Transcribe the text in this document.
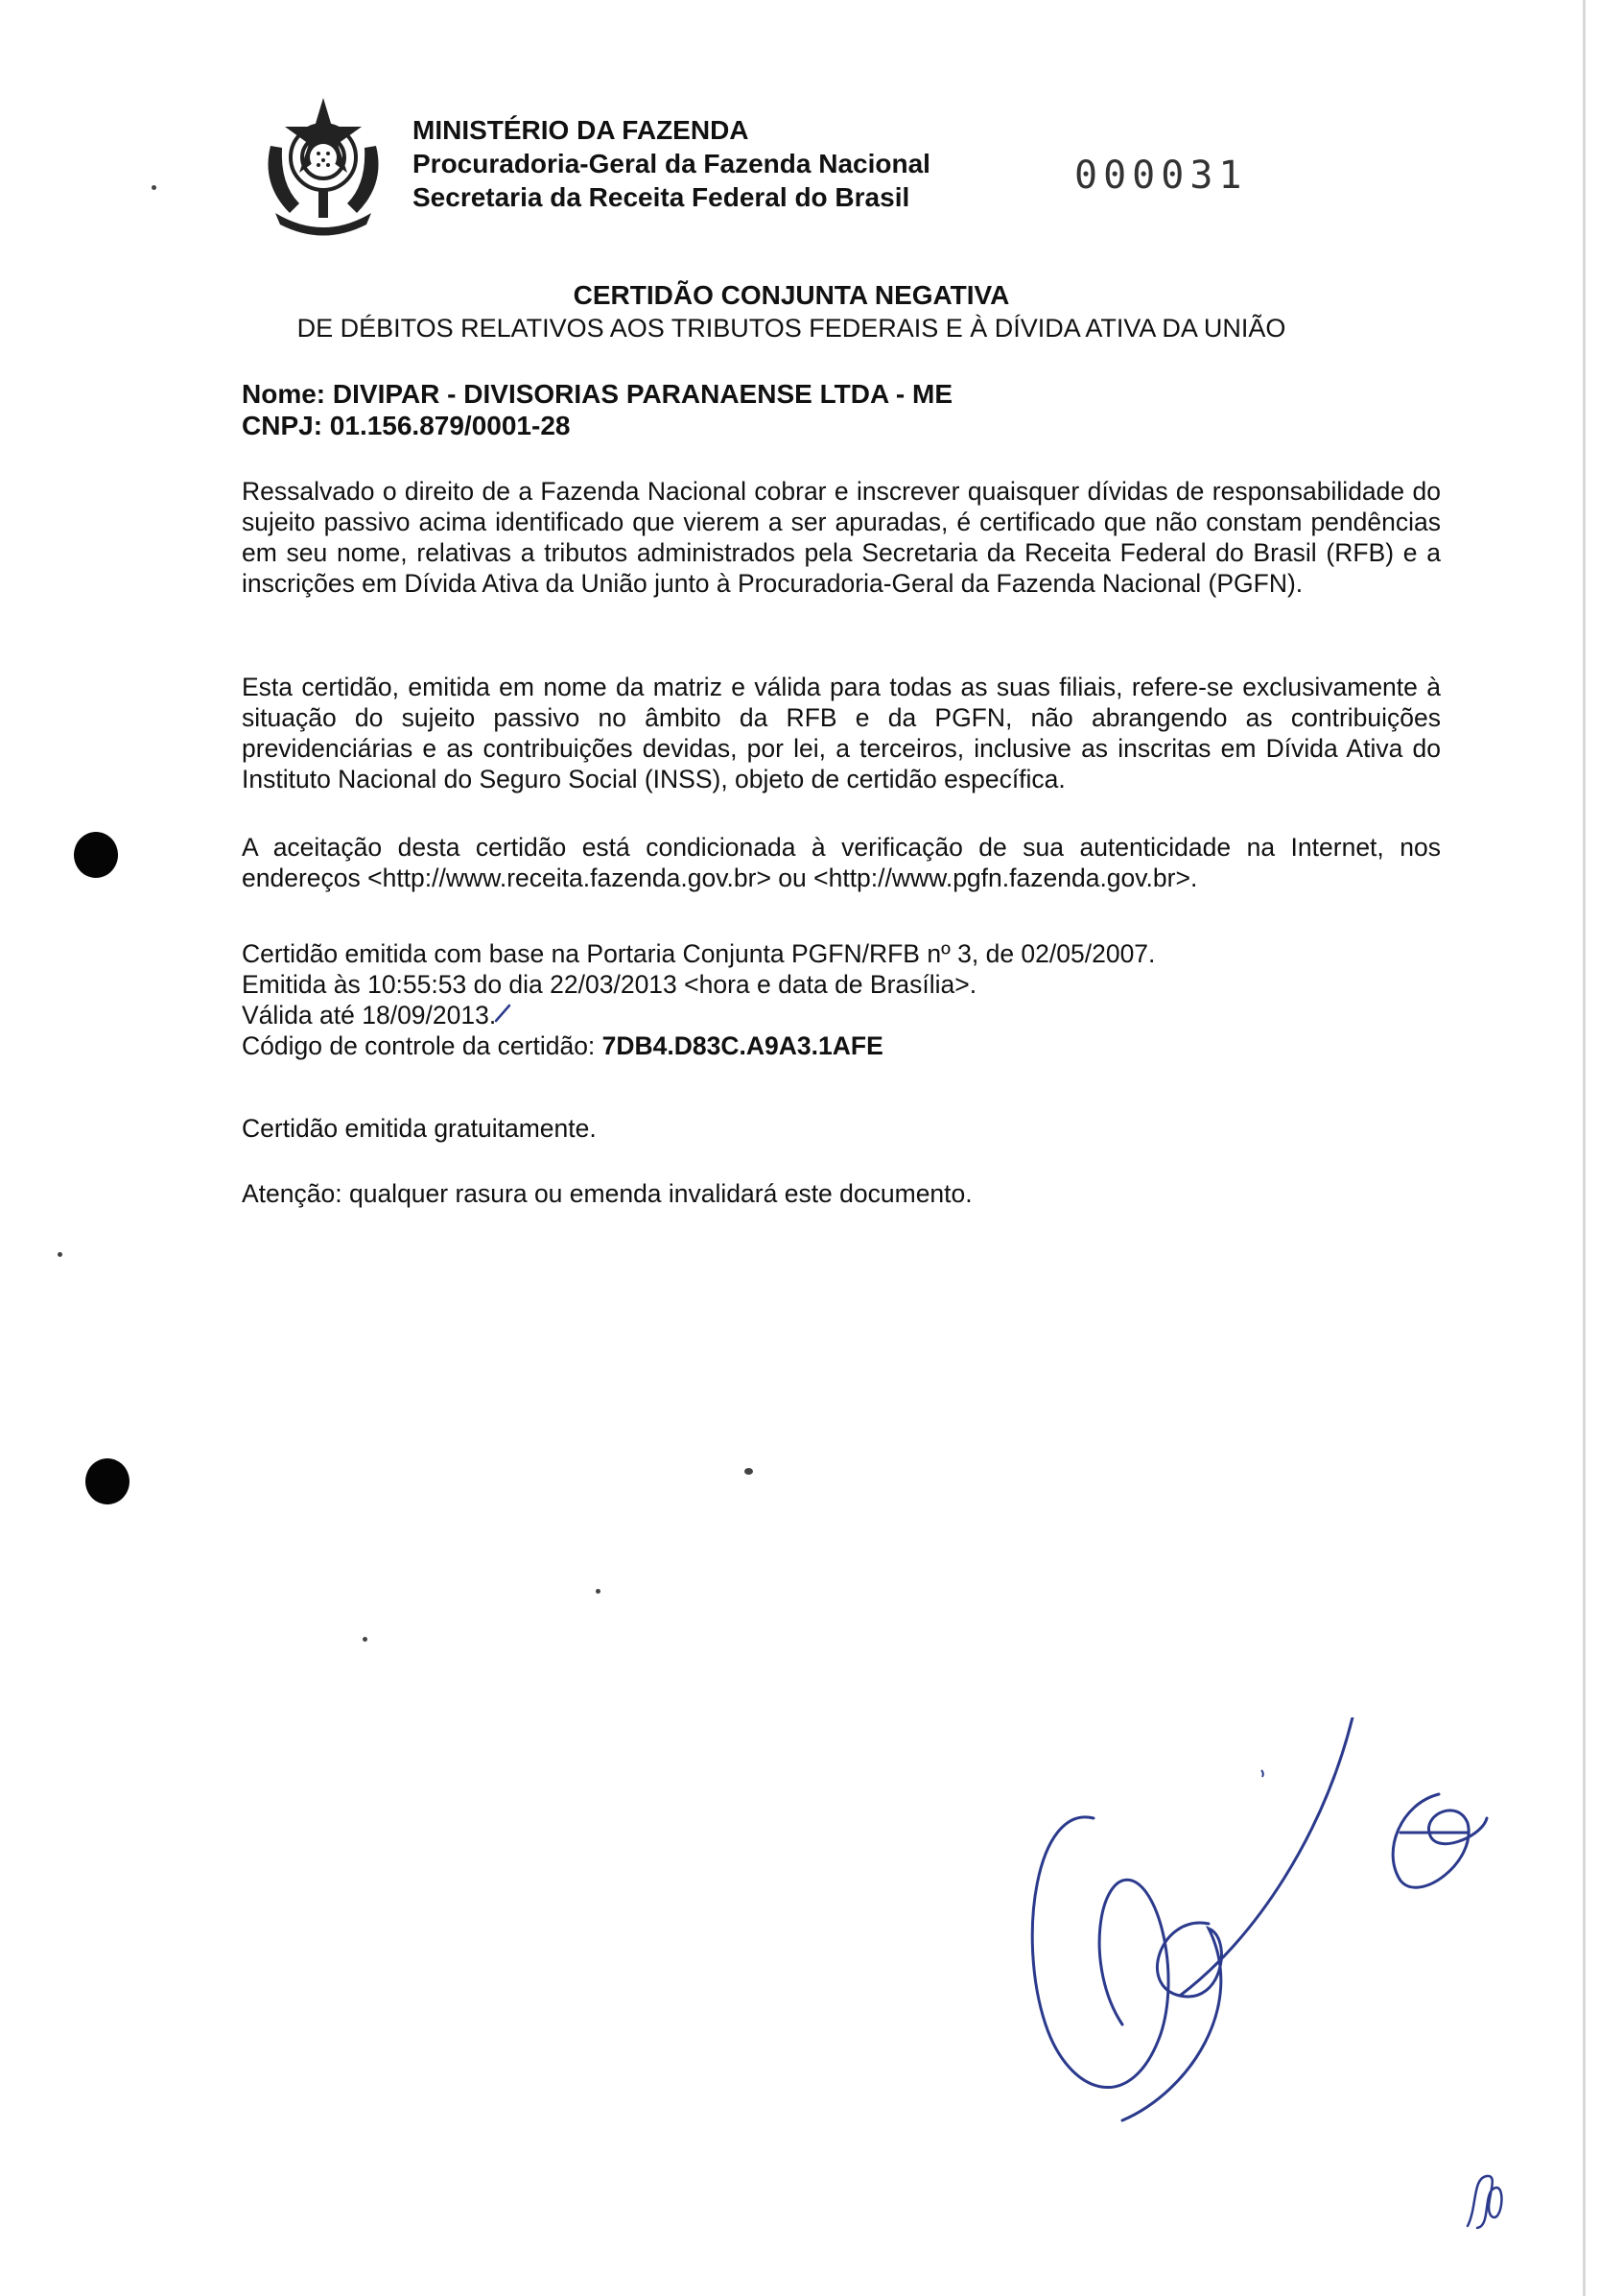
MINISTÉRIO DA FAZENDA
Procuradoria-Geral da Fazenda Nacional
Secretaria da Receita Federal do Brasil	000031
CERTIDÃO CONJUNTA NEGATIVA
DE DÉBITOS RELATIVOS AOS TRIBUTOS FEDERAIS E À DÍVIDA ATIVA DA UNIÃO
Nome: DIVIPAR - DIVISORIAS PARANAENSE LTDA - ME
CNPJ: 01.156.879/0001-28

Ressalvado o direito de a Fazenda Nacional cobrar e inscrever quaisquer dívidas de responsabilidade do sujeito passivo acima identificado que vierem a ser apuradas, é certificado que não constam pendências em seu nome, relativas a tributos administrados pela Secretaria da Receita Federal do Brasil (RFB) e a inscrições em Dívida Ativa da União junto à Procuradoria-Geral da Fazenda Nacional (PGFN).

Esta certidão, emitida em nome da matriz e válida para todas as suas filiais, refere-se exclusivamente à situação do sujeito passivo no âmbito da RFB e da PGFN, não abrangendo as contribuições previdenciárias e as contribuições devidas, por lei, a terceiros, inclusive as inscritas em Dívida Ativa do Instituto Nacional do Seguro Social (INSS), objeto de certidão específica.

A aceitação desta certidão está condicionada à verificação de sua autenticidade na Internet, nos endereços <http://www.receita.fazenda.gov.br> ou <http://www.pgfn.fazenda.gov.br>.

Certidão emitida com base na Portaria Conjunta PGFN/RFB nº 3, de 02/05/2007.
Emitida às 10:55:53 do dia 22/03/2013 <hora e data de Brasília>.
Válida até 18/09/2013.
Código de controle da certidão: 7DB4.D83C.A9A3.1AFE
Certidão emitida gratuitamente.
Atenção: qualquer rasura ou emenda invalidará este documento.
